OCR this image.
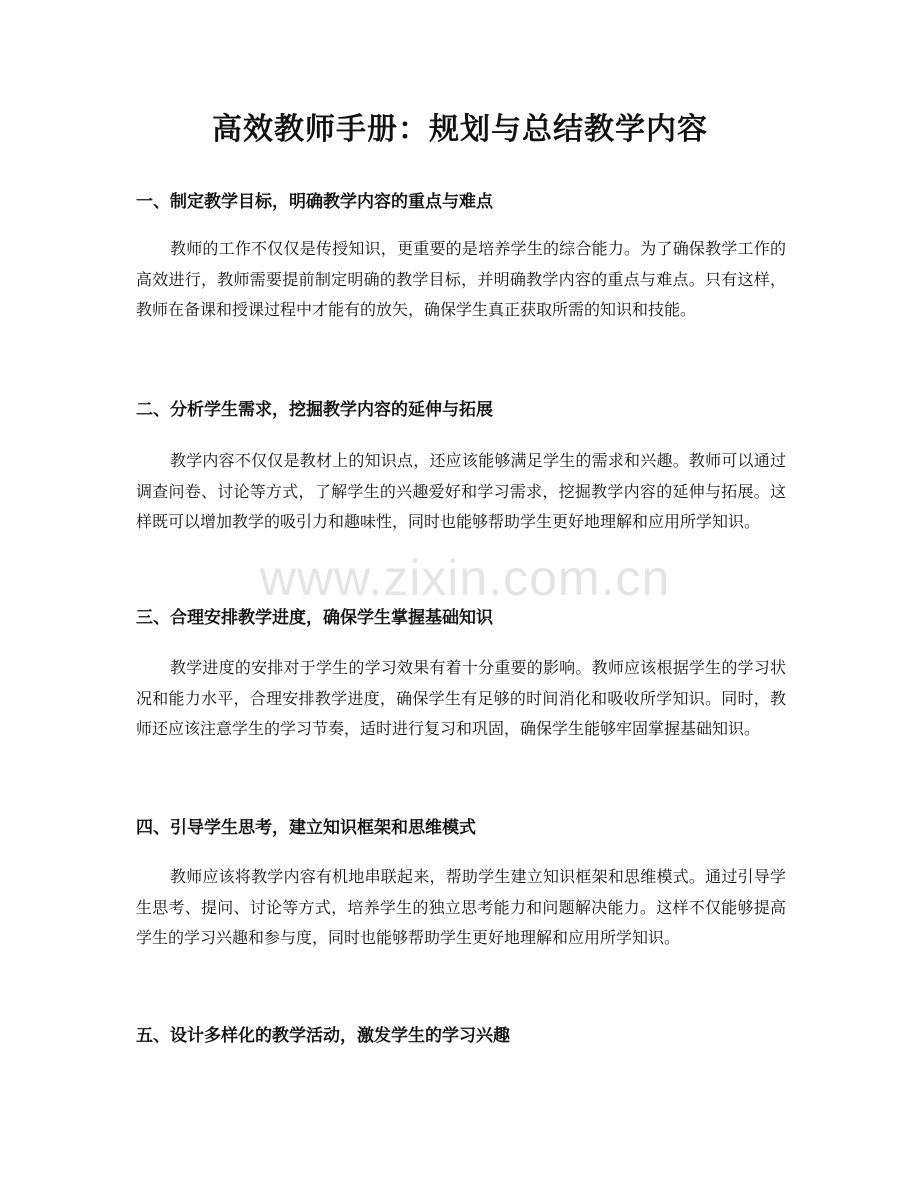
高效教师手册：规划与总结教学内容
一、制定教学目标，明确教学内容的重点与难点

教师的工作不仅仅是传授知识，更重要的是培养学生的综合能力。为了确保教学工作的高效进行，教师需要提前制定明确的教学目标，并明确教学内容的重点与难点。只有这样，教师在备课和授课过程中才能有的放矢，确保学生真正获取所需的知识和技能。

二、分析学生需求，挖掘教学内容的延伸与拓展

教学内容不仅仅是教材上的知识点，还应该能够满足学生的需求和兴趣。教师可以通过调查问卷、讨论等方式，了解学生的兴趣爱好和学习需求，挖掘教学内容的延伸与拓展。这样既可以增加教学的吸引力和趣味性，同时也能够帮助学生更好地理解和应用所学知识。

三、合理安排教学进度，确保学生掌握基础知识

教学进度的安排对于学生的学习效果有着十分重要的影响。教师应该根据学生的学习状况和能力水平，合理安排教学进度，确保学生有足够的时间消化和吸收所学知识。同时，教师还应该注意学生的学习节奏，适时进行复习和巩固，确保学生能够牢固掌握基础知识。

四、引导学生思考，建立知识框架和思维模式

教师应该将教学内容有机地串联起来，帮助学生建立知识框架和思维模式。通过引导学生思考、提问、讨论等方式，培养学生的独立思考能力和问题解决能力。这样不仅能够提高学生的学习兴趣和参与度，同时也能够帮助学生更好地理解和应用所学知识。

五、设计多样化的教学活动，激发学生的学习兴趣
www.zixin.com.cn
